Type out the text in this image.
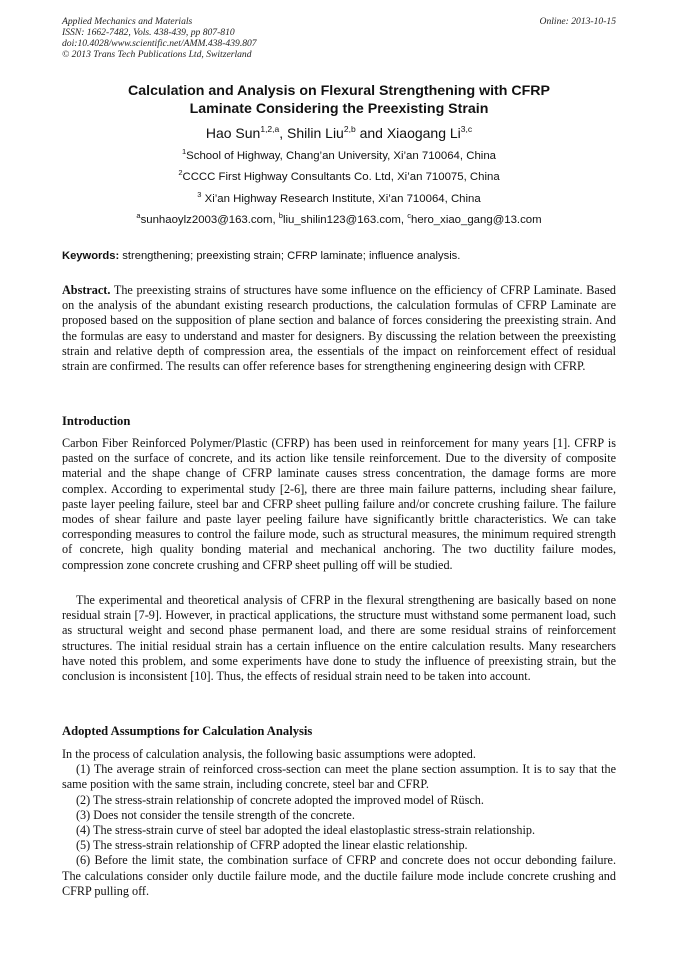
Applied Mechanics and Materials
ISSN: 1662-7482, Vols. 438-439, pp 807-810
doi:10.4028/www.scientific.net/AMM.438-439.807
© 2013 Trans Tech Publications Ltd, Switzerland
Online: 2013-10-15
Calculation and Analysis on Flexural Strengthening with CFRP
Laminate Considering the Preexisting Strain
Hao Sun$^{1,2,a}$, Shilin Liu$^{2,b}$ and Xiaogang Li$^{3,c}$
$^1$School of Highway, Chang’an University, Xi’an 710064, China
$^2$CCCC First Highway Consultants Co. Ltd, Xi’an 710075, China
$^3$ Xi’an Highway Research Institute, Xi’an 710064, China
$^a$sunhaoylz2003@163.com, $^b$liu_shilin123@163.com, $^c$hero_xiao_gang@13.com
Keywords: strengthening; preexisting strain; CFRP laminate; influence analysis.
Abstract. The preexisting strains of structures have some influence on the efficiency of CFRP Laminate. Based on the analysis of the abundant existing research productions, the calculation formulas of CFRP Laminate are proposed based on the supposition of plane section and balance of forces considering the preexisting strain. And the formulas are easy to understand and master for designers. By discussing the relation between the preexisting strain and relative depth of compression area, the essentials of the impact on reinforcement effect of residual strain are confirmed. The results can offer reference bases for strengthening engineering design with CFRP.
Introduction
Carbon Fiber Reinforced Polymer/Plastic (CFRP) has been used in reinforcement for many years [1]. CFRP is pasted on the surface of concrete, and its action like tensile reinforcement. Due to the diversity of composite material and the shape change of CFRP laminate causes stress concentration, the damage forms are more complex. According to experimental study [2-6], there are three main failure patterns, including shear failure, paste layer peeling failure, steel bar and CFRP sheet pulling failure and/or concrete crushing failure. The failure modes of shear failure and paste layer peeling failure have significantly brittle characteristics. We can take corresponding measures to control the failure mode, such as structural measures, the minimum required strength of concrete, high quality bonding material and mechanical anchoring. The two ductility failure modes, compression zone concrete crushing and CFRP sheet pulling off will be studied.
The experimental and theoretical analysis of CFRP in the flexural strengthening are basically based on none residual strain [7-9]. However, in practical applications, the structure must withstand some permanent load, such as structural weight and second phase permanent load, and there are some residual strains of reinforcement structures. The initial residual strain has a certain influence on the entire calculation results. Many researchers have noted this problem, and some experiments have done to study the influence of preexisting strain, but the conclusion is inconsistent [10]. Thus, the effects of residual strain need to be taken into account.
Adopted Assumptions for Calculation Analysis

In the process of calculation analysis, the following basic assumptions were adopted.

(1) The average strain of reinforced cross-section can meet the plane section assumption. It is to say that the same position with the same strain, including concrete, steel bar and CFRP.

(2) The stress-strain relationship of concrete adopted the improved model of Rüsch.

(3) Does not consider the tensile strength of the concrete.

(4) The stress-strain curve of steel bar adopted the ideal elastoplastic stress-strain relationship.

(5) The stress-strain relationship of CFRP adopted the linear elastic relationship.

(6) Before the limit state, the combination surface of CFRP and concrete does not occur debonding failure. The calculations consider only ductile failure mode, and the ductile failure mode include concrete crushing and CFRP pulling off.
